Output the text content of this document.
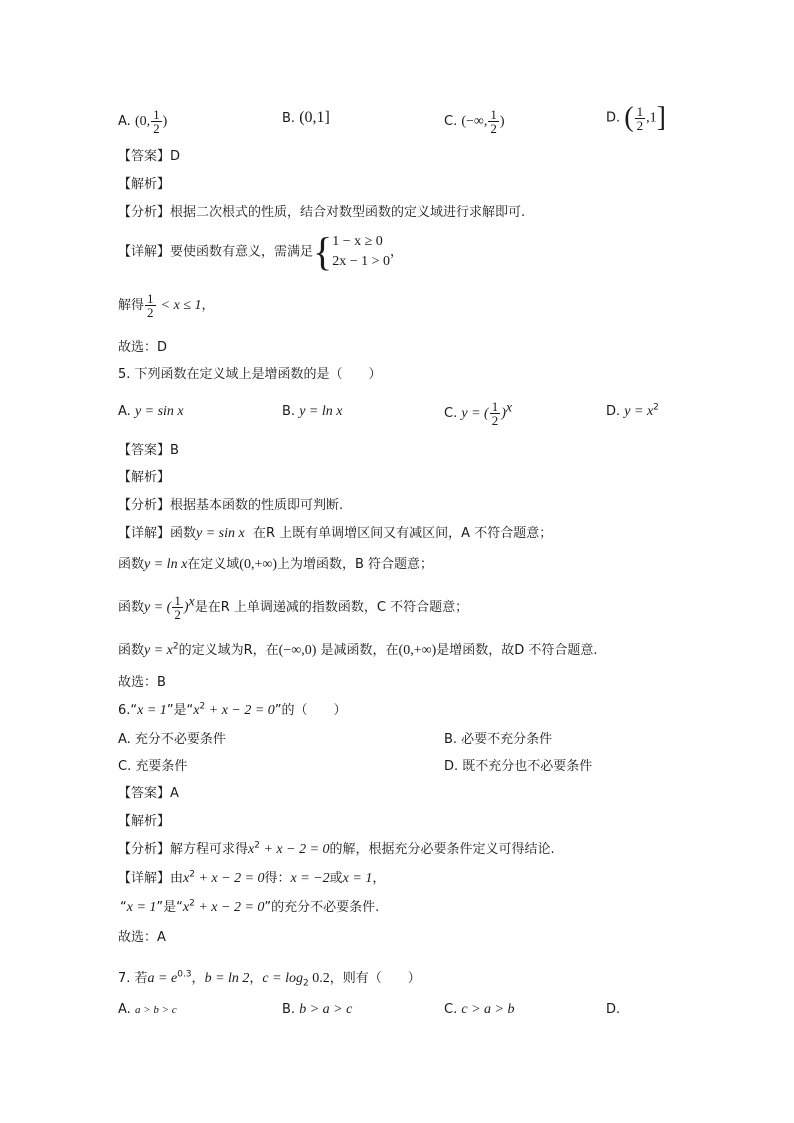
A. (0, $\frac{1}{2}$ )	B. (0,1]	C. (−∞, $\frac{1}{2}$ )	D. ( $\frac{1}{2} ,1$]
【答案】D
【解析】
【分析】根据二次根式的性质，结合对数型函数的定义域进行求解即可.
【详解】要使函数有意义，需满足{ 1 − x ≥ 0
2x − 1 > 0
，
解得 $\frac{1}{2} < x \le 1$，
故选：D
5. 下列函数在定义域上是增函数的是（　　）
A. y = sin x	B. y = ln x	C. y = ( $\frac{1}{2} )^x$	D. $y = x^2$
【答案】B
【解析】
【分析】根据基本函数的性质即可判断.
【详解】函数y = sin x 在R 上既有单调增区间又有减区间，A 不符合题意；
函数y = ln x在定义域(0,+∞)上为增函数，B 符合题意；
函数y = ( $\frac{1}{2} )^x$是在R 上单调递减的指数函数，C 不符合题意；
函数$y = x^2$的定义域为R，在(−∞,0) 是减函数，在(0,+∞)是增函数，故D 不符合题意.
故选：B
6.“x = 1”是“$x^2 + x - 2 = 0$”的（　　）
A. 充分不必要条件	B. 必要不充分条件
C. 充要条件	D. 既不充分也不必要条件
【答案】A
【解析】
【分析】解方程可求得$x^2 + x - 2 = 0$的解，根据充分必要条件定义可得结论.
【详解】由$x^2 + x - 2 = 0$得：x = −2或x = 1，
“x = 1”是“$x^2 + x - 2 = 0$”的充分不必要条件.
故选：A
7. 若$a = e^{0.3}$，b = ln 2，$c = \log_2 0.2$，则有（　　）
A. a > b > c	B. b > a > c	C. c > a > b	D.
